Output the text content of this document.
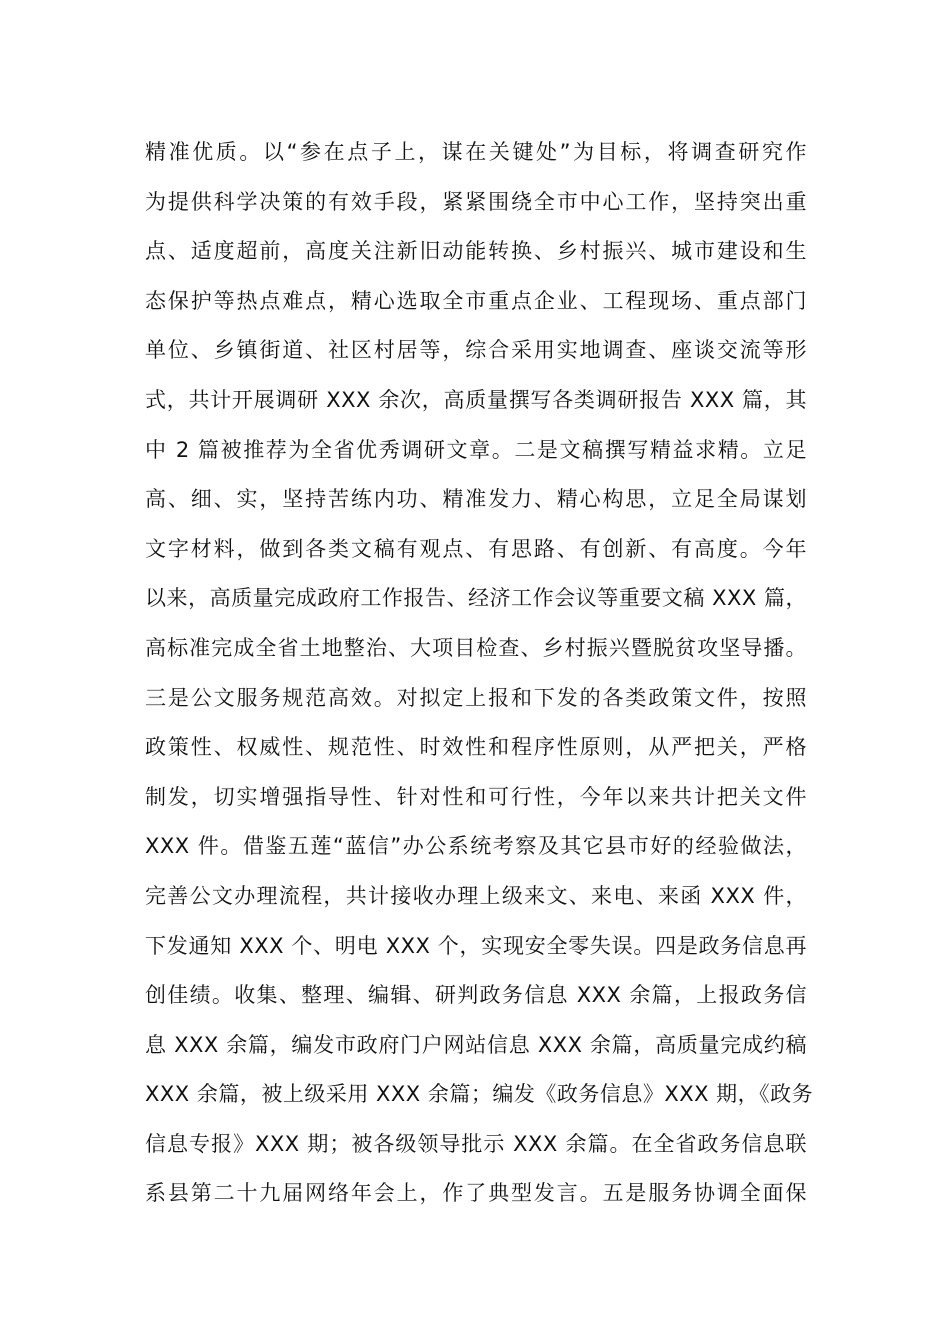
精准优质。以“参在点子上，谋在关键处”为目标，将调查研究作
为提供科学决策的有效手段，紧紧围绕全市中心工作，坚持突出重
点、适度超前，高度关注新旧动能转换、乡村振兴、城市建设和生
态保护等热点难点，精心选取全市重点企业、工程现场、重点部门
单位、乡镇街道、社区村居等，综合采用实地调查、座谈交流等形
式，共计开展调研 XXX 余次，高质量撰写各类调研报告 XXX 篇，其
中 2 篇被推荐为全省优秀调研文章。二是文稿撰写精益求精。立足
高、细、实，坚持苦练内功、精准发力、精心构思，立足全局谋划
文字材料，做到各类文稿有观点、有思路、有创新、有高度。今年
以来，高质量完成政府工作报告、经济工作会议等重要文稿 XXX 篇，
高标准完成全省土地整治、大项目检查、乡村振兴暨脱贫攻坚导播。
三是公文服务规范高效。对拟定上报和下发的各类政策文件，按照
政策性、权威性、规范性、时效性和程序性原则，从严把关，严格
制发，切实增强指导性、针对性和可行性，今年以来共计把关文件
XXX 件。借鉴五莲“蓝信”办公系统考察及其它县市好的经验做法，
完善公文办理流程，共计接收办理上级来文、来电、来函 XXX 件，
下发通知 XXX 个、明电 XXX 个，实现安全零失误。四是政务信息再
创佳绩。收集、整理、编辑、研判政务信息 XXX 余篇，上报政务信
息 XXX 余篇，编发市政府门户网站信息 XXX 余篇，高质量完成约稿
XXX 余篇，被上级采用 XXX 余篇；编发《政务信息》XXX 期，《政务
信息专报》XXX 期；被各级领导批示 XXX 余篇。在全省政务信息联
系县第二十九届网络年会上，作了典型发言。五是服务协调全面保
